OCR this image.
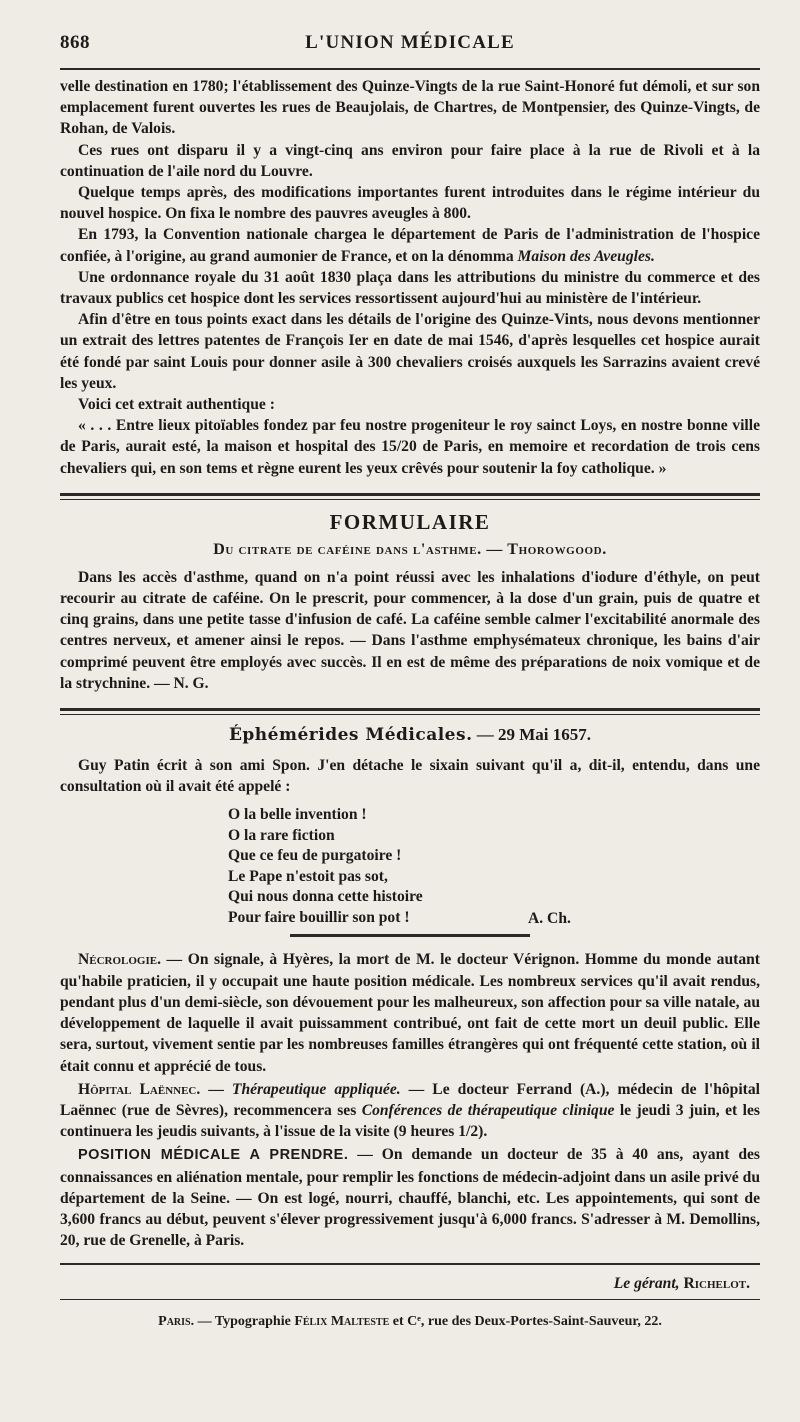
868	L'UNION MÉDICALE

velle destination en 1780; l'établissement des Quinze-Vingts de la rue Saint-Honoré fut démoli, et sur son emplacement furent ouvertes les rues de Beaujolais, de Chartres, de Montpensier, des Quinze-Vingts, de Rohan, de Valois.

Ces rues ont disparu il y a vingt-cinq ans environ pour faire place à la rue de Rivoli et à la continuation de l'aile nord du Louvre.

Quelque temps après, des modifications importantes furent introduites dans le régime intérieur du nouvel hospice. On fixa le nombre des pauvres aveugles à 800.

En 1793, la Convention nationale chargea le département de Paris de l'administration de l'hospice confiée, à l'origine, au grand aumonier de France, et on la dénomma Maison des Aveugles.

Une ordonnance royale du 31 août 1830 plaça dans les attributions du ministre du commerce et des travaux publics cet hospice dont les services ressortissent aujourd'hui au ministère de l'intérieur.

Afin d'être en tous points exact dans les détails de l'origine des Quinze-Vints, nous devons mentionner un extrait des lettres patentes de François Ier en date de mai 1546, d'après lesquelles cet hospice aurait été fondé par saint Louis pour donner asile à 300 chevaliers croisés auxquels les Sarrazins avaient crevé les yeux.

Voici cet extrait authentique :

« . . . Entre lieux pitoïables fondez par feu nostre progeniteur le roy sainct Loys, en nostre bonne ville de Paris, aurait esté, la maison et hospital des 15/20 de Paris, en memoire et recordation de trois cens chevaliers qui, en son tems et règne eurent les yeux crêvés pour soutenir la foy catholique. »

FORMULAIRE
Du citrate de caféine dans l'asthme. — Thorowgood.

Dans les accès d'asthme, quand on n'a point réussi avec les inhalations d'iodure d'éthyle, on peut recourir au citrate de caféine. On le prescrit, pour commencer, à la dose d'un grain, puis de quatre et cinq grains, dans une petite tasse d'infusion de café. La caféine semble calmer l'excitabilité anormale des centres nerveux, et amener ainsi le repos. — Dans l'asthme emphysémateux chronique, les bains d'air comprimé peuvent être employés avec succès. Il en est de même des préparations de noix vomique et de la strychnine. — N. G.

Éphémérides Médicales. — 29 Mai 1657.

Guy Patin écrit à son ami Spon. J'en détache le sixain suivant qu'il a, dit-il, entendu, dans une consultation où il avait été appelé :

O la belle invention !
O la rare fiction
Que ce feu de purgatoire !
Le Pape n'estoit pas sot,
Qui nous donna cette histoire
Pour faire bouillir son pot !	A. Ch.

Nécrologie. — On signale, à Hyères, la mort de M. le docteur Vérignon. Homme du monde autant qu'habile praticien, il y occupait une haute position médicale. Les nombreux services qu'il avait rendus, pendant plus d'un demi-siècle, son dévouement pour les malheureux, son affection pour sa ville natale, au développement de laquelle il avait puissamment contribué, ont fait de cette mort un deuil public. Elle sera, surtout, vivement sentie par les nombreuses familles étrangères qui ont fréquenté cette station, où il était connu et apprécié de tous.

Hôpital Laënnec. — Thérapeutique appliquée. — Le docteur Ferrand (A.), médecin de l'hôpital Laënnec (rue de Sèvres), recommencera ses Conférences de thérapeutique clinique le jeudi 3 juin, et les continuera les jeudis suivants, à l'issue de la visite (9 heures 1/2).

POSITION MÉDICALE A PRENDRE. — On demande un docteur de 35 à 40 ans, ayant des connaissances en aliénation mentale, pour remplir les fonctions de médecin-adjoint dans un asile privé du département de la Seine. — On est logé, nourri, chauffé, blanchi, etc. Les appointements, qui sont de 3,600 francs au début, peuvent s'élever progressivement jusqu'à 6,000 francs. S'adresser à M. Demollins, 20, rue de Grenelle, à Paris.

Le gérant, Richelot.
Paris. — Typographie Félix Malteste et Cᵉ, rue des Deux-Portes-Saint-Sauveur, 22.
